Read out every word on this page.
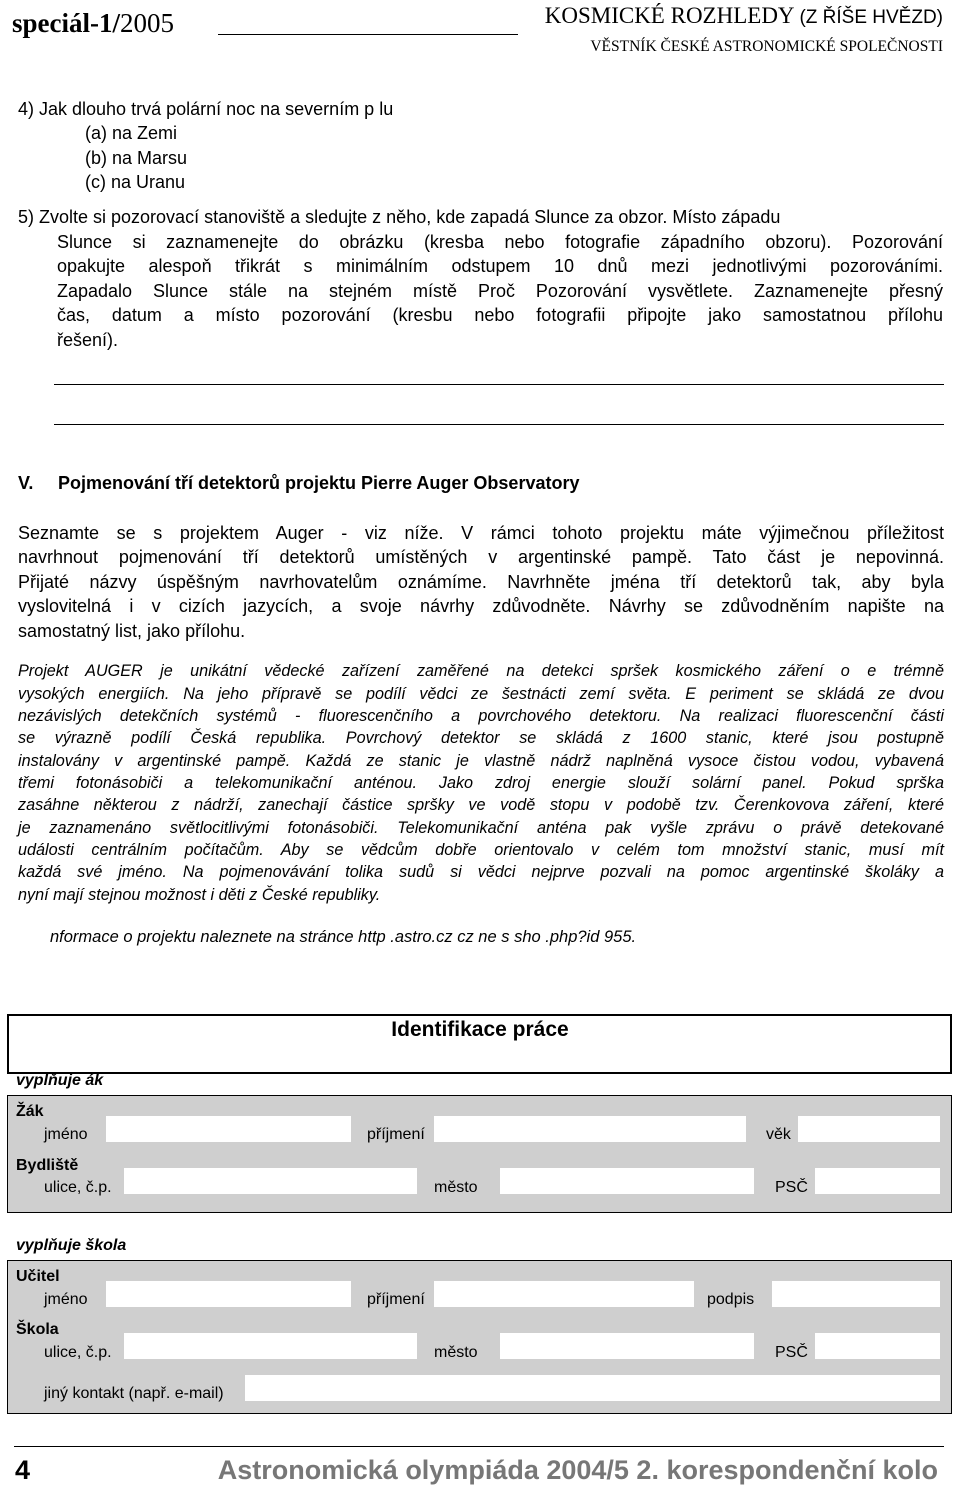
speciál-1/2005	KOSMICKÉ ROZHLEDY (Z ŘÍŠE HVĚZD)
VĚSTNÍK ČESKÉ ASTRONOMICKÉ SPOLEČNOSTI
4) Jak dlouho trvá polární noc na severním p lu
(a) na Zemi
(b) na Marsu
(c) na Uranu
5) Zvolte si pozorovací stanoviště a sledujte z něho, kde zapadá Slunce za obzor. Místo západu
Slunce si zaznamenejte do obrázku (kresba nebo fotografie západního obzoru). Pozorování
opakujte alespoň třikrát s minimálním odstupem 10 dnů mezi jednotlivými pozorováními.
Zapadalo Slunce stále na stejném místě Proč Pozorování vysvětlete. Zaznamenejte přesný
čas, datum a místo pozorování (kresbu nebo fotografii připojte jako samostatnou přílohu
řešení).
V. Pojmenování tří detektorů projektu Pierre Auger Observatory
Seznamte se s projektem Auger - viz níže. V rámci tohoto projektu máte výjimečnou příležitost
navrhnout pojmenování tří detektorů umístěných v argentinské pampě. Tato část je nepovinná.
Přijaté názvy úspěšným navrhovatelům oznámíme. Navrhněte jména tří detektorů tak, aby byla
vyslovitelná i v cizích jazycích, a svoje návrhy zdůvodněte. Návrhy se zdůvodněním napište na
samostatný list, jako přílohu.
Projekt AUGER je unikátní vědecké zařízení zaměřené na detekci spršek kosmického záření o e trémně
vysokých energiích. Na jeho přípravě se podílí vědci ze šestnácti zemí světa. E periment se skládá ze dvou
nezávislých detekčních systémů - fluorescenčního a povrchového detektoru. Na realizaci fluorescenční části
se výrazně podílí Česká republika. Povrchový detektor se skládá z 1600 stanic, které jsou postupně
instalovány v argentinské pampě. Každá ze stanic je vlastně nádrž naplněná vysoce čistou vodou, vybavená
třemi fotonásobiči a telekomunikační anténou. Jako zdroj energie slouží solární panel. Pokud sprška
zasáhne některou z nádrží, zanechají částice spršky ve vodě stopu v podobě tzv. Čerenkovova záření, které
je zaznamenáno světlocitlivými fotonásobiči. Telekomunikační anténa pak vyšle zprávu o právě detekované
události centrálním počítačům. Aby se vědcům dobře orientovalo v celém tom množství stanic, musí mít
každá své jméno. Na pojmenovávání tolika sudů si vědci nejprve pozvali na pomoc argentinské školáky a
nyní mají stejnou možnost i děti z České republiky.
nformace o projektu naleznete na stránce http .astro.cz cz ne s sho .php?id 955.
Identifikace práce
vyplňuje ák
Žák
jméno	příjmení	věk
Bydliště
ulice, č.p.	město	PSČ
vyplňuje škola
Učitel
jméno	příjmení	podpis
Škola
ulice, č.p.	město	PSČ
jiný kontakt (např. e-mail)
4	Astronomická olympiáda 2004/5 2. korespondenční kolo
